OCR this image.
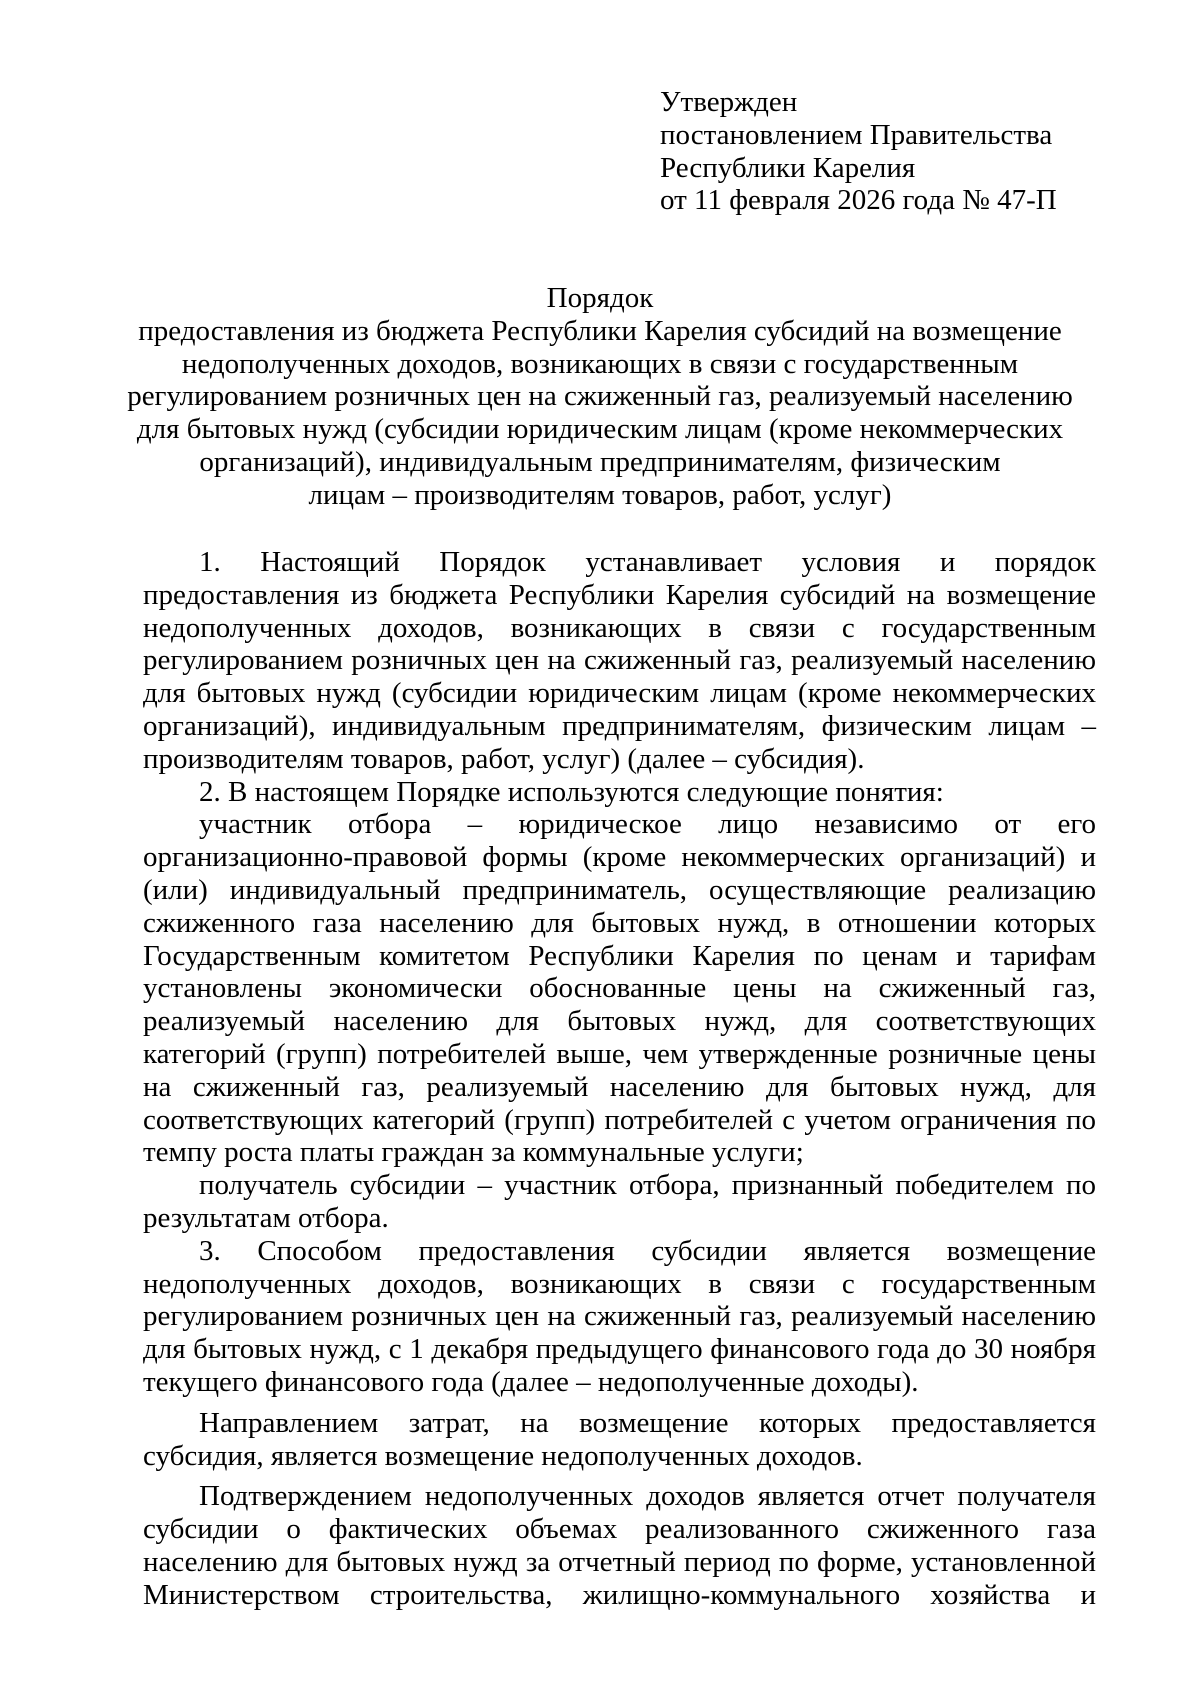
Утвержден
постановлением Правительства
Республики Карелия
от 11 февраля 2026 года № 47-П
Порядок
предоставления из бюджета Республики Карелия субсидий на возмещение
недополученных доходов, возникающих в связи с государственным
регулированием розничных цен на сжиженный газ, реализуемый населению
для бытовых нужд (субсидии юридическим лицам (кроме некоммерческих
организаций), индивидуальным предпринимателям, физическим
лицам – производителям товаров, работ, услуг)

1. Настоящий Порядок устанавливает условия и порядок предоставления из бюджета Республики Карелия субсидий на возмещение недополученных доходов, возникающих в связи с государственным регулированием розничных цен на сжиженный газ, реализуемый населению для бытовых нужд (субсидии юридическим лицам (кроме некоммерческих организаций), индивидуальным предпринимателям, физическим лицам – производителям товаров, работ, услуг) (далее – субсидия).

2. В настоящем Порядке используются следующие понятия:

участник отбора – юридическое лицо независимо от его организационно-правовой формы (кроме некоммерческих организаций) и (или) индивидуальный предприниматель, осуществляющие реализацию сжиженного газа населению для бытовых нужд, в отношении которых Государственным комитетом Республики Карелия по ценам и тарифам установлены экономически обоснованные цены на сжиженный газ, реализуемый населению для бытовых нужд, для соответствующих категорий (групп) потребителей выше, чем утвержденные розничные цены на сжиженный газ, реализуемый населению для бытовых нужд, для соответствующих категорий (групп) потребителей с учетом ограничения по темпу роста платы граждан за коммунальные услуги;

получатель субсидии – участник отбора, признанный победителем по результатам отбора.

3. Способом предоставления субсидии является возмещение недополученных доходов, возникающих в связи с государственным регулированием розничных цен на сжиженный газ, реализуемый населению для бытовых нужд, с 1 декабря предыдущего финансового года до 30 ноября текущего финансового года (далее – недополученные доходы).

Направлением затрат, на возмещение которых предоставляется субсидия, является возмещение недополученных доходов.

Подтверждением недополученных доходов является отчет получателя субсидии о фактических объемах реализованного сжиженного газа населению для бытовых нужд за отчетный период по форме, установленной Министерством строительства, жилищно-коммунального хозяйства и
